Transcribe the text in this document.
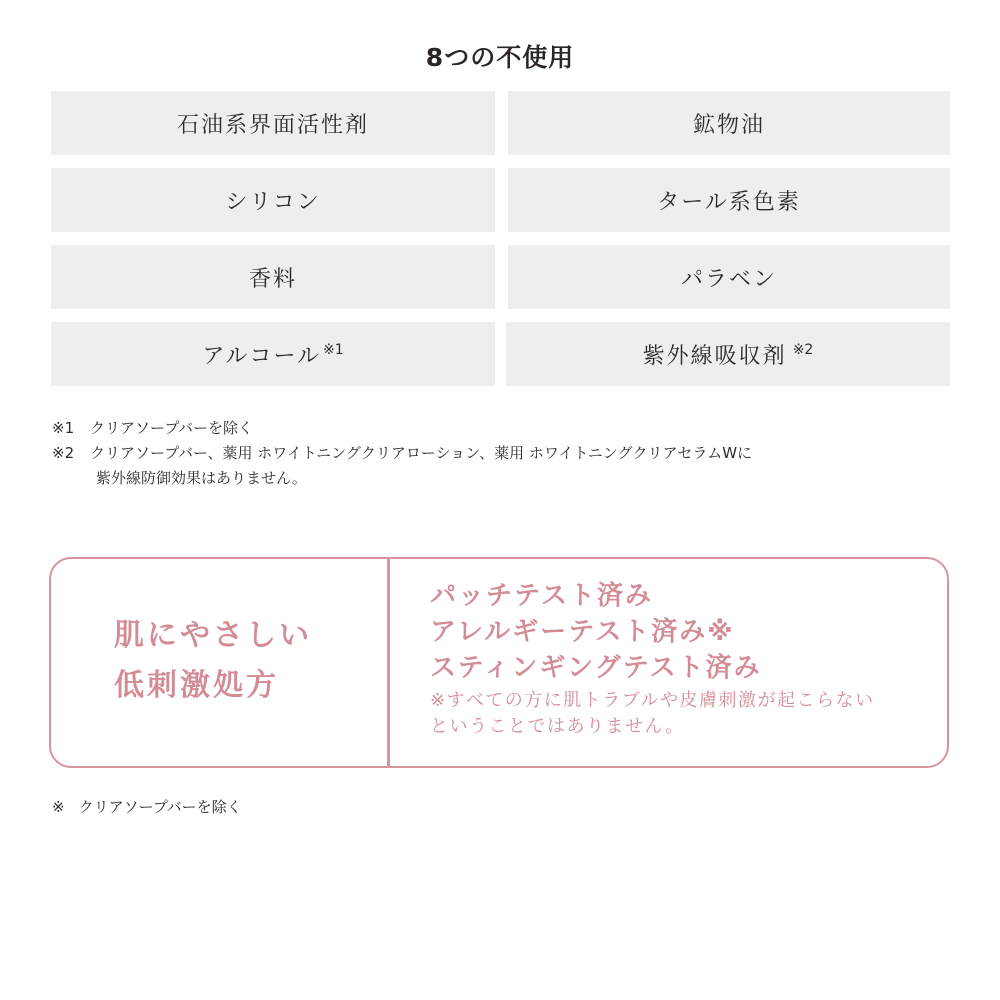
8つの不使用
石油系界面活性剤	鉱物油
シリコン	タール系色素
香料	パラベン
アルコール$^{※1}$	紫外線吸収剤 $^{※2}$
※1	クリアソープバーを除く
※2	クリアソープバー、薬用 ホワイトニングクリアローション、薬用 ホワイトニングクリアセラムWに
紫外線防御効果はありません。
肌にやさしい
低刺激処方
パッチテスト済み
アレルギーテスト済み※
スティンギングテスト済み
※すべての方に肌トラブルや皮膚刺激が起こらない
ということではありません。
※ クリアソープバーを除く
